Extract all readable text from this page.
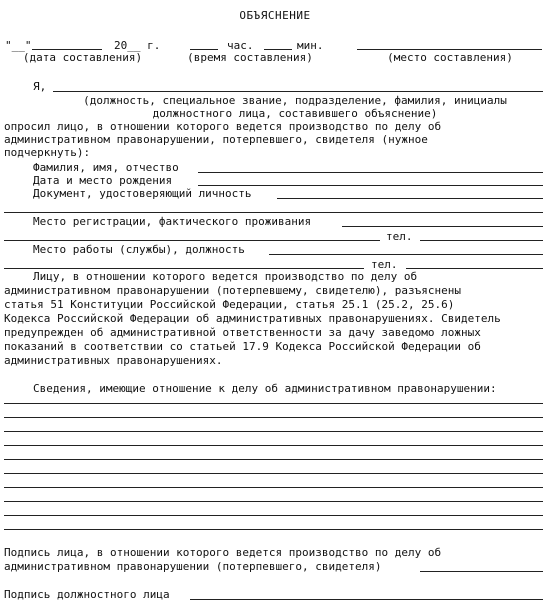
ОБЪЯСНЕНИЕ
"__"	20__ г.	час.	мин.
(дата составления)	(время составления)	(место составления)
Я,
(должность, специальное звание, подразделение, фамилия, инициалы
должностного лица, составившего объяснение)
опросил лицо, в отношении которого ведется производство по делу об
административном правонарушении, потерпевшего, свидетеля (нужное
подчеркнуть):
Фамилия, имя, отчество
Дата и место рождения
Документ, удостоверяющий личность
Место регистрации, фактического проживания
тел.
Место работы (службы), должность
тел.
Лицу, в отношении которого ведется производство по делу об
административном правонарушении (потерпевшему, свидетелю), разъяснены
статья 51 Конституции Российской Федерации, статья 25.1 (25.2, 25.6)
Кодекса Российской Федерации об административных правонарушениях. Свидетель
предупрежден об административной ответственности за дачу заведомо ложных
показаний в соответствии со статьей 17.9 Кодекса Российской Федерации об
административных правонарушениях.
Сведения, имеющие отношение к делу об административном правонарушении:
Подпись лица, в отношении которого ведется производство по делу об
административном правонарушении (потерпевшего, свидетеля)
Подпись должностного лица
